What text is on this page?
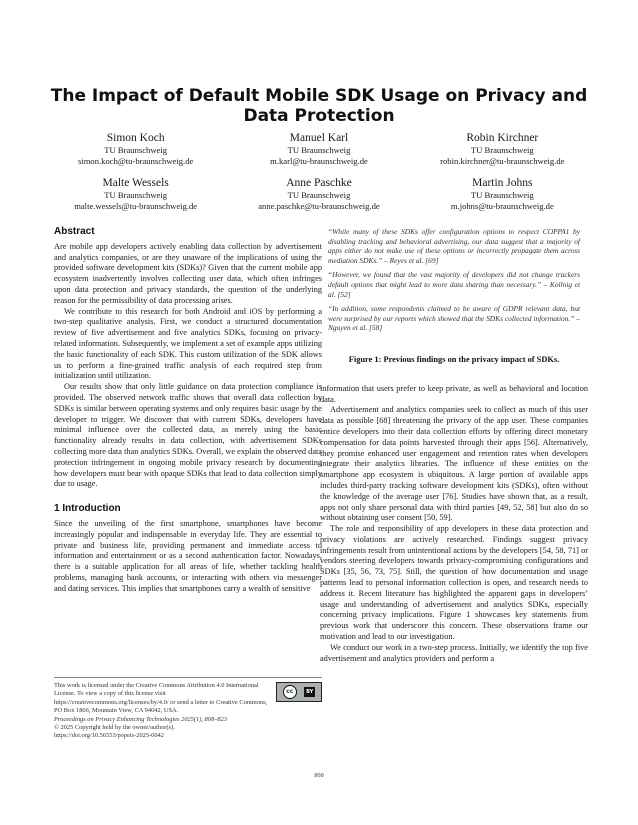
The Impact of Default Mobile SDK Usage on Privacy and Data Protection
Simon Koch
TU Braunschweig
simon.koch@tu-braunschweig.de
Manuel Karl
TU Braunschweig
m.karl@tu-braunschweig.de
Robin Kirchner
TU Braunschweig
robin.kirchner@tu-braunschweig.de
Malte Wessels
TU Braunschweig
malte.wessels@tu-braunschweig.de
Anne Paschke
TU Braunschweig
anne.paschke@tu-braunschweig.de
Martin Johns
TU Braunschweig
m.johns@tu-braunschweig.de
Abstract

Are mobile app developers actively enabling data collection by advertisement and analytics companies, or are they unaware of the implications of using the provided software development kits (SDKs)? Given that the current mobile app ecosystem inadvertently involves collecting user data, which often infringes upon data protection and privacy standards, the question of the underlying reason for the permissibility of data processing arises.

We contribute to this research for both Android and iOS by performing a two-step qualitative analysis. First, we conduct a structured documentation review of five advertisement and five analytics SDKs, focusing on privacy-related information. Subsequently, we implement a set of example apps utilizing the basic functionality of each SDK. This custom utilization of the SDK allows us to perform a fine-grained traffic analysis of each required step from initialization until utilization.

Our results show that only little guidance on data protection compliance is provided. The observed network traffic shows that overall data collection by SDKs is similar between operating systems and only requires basic usage by the developer to trigger. We discover that with current SDKs, developers have minimal influence over the collected data, as merely using the basic functionality already results in data collection, with advertisement SDKs collecting more data than analytics SDKs. Overall, we explain the observed data protection infringement in ongoing mobile privacy research by documenting how developers must bear with opaque SDKs that lead to data collection simply due to usage.

1 Introduction

Since the unveiling of the first smartphone, smartphones have become increasingly popular and indispensable in everyday life. They are essential to private and business life, providing permanent and immediate access to information and entertainment or as a second authentication factor. Nowadays, there is a suitable application for all areas of life, whether tackling health problems, managing bank accounts, or interacting with others via messenger and dating services. This implies that smartphones carry a wealth of sensitive

“While many of these SDKs offer configuration options to respect COPPA1 by disabling tracking and behavioral advertising, our data suggest that a majority of apps either do not make use of these options or incorrectly propagate them across mediation SDKs.” – Reyes et al. [69]
“However, we found that the vast majority of developers did not change trackers default options that might lead to more data sharing than necessary.” – Kollnig et al. [52]
“In addition, some respondents claimed to be aware of GDPR relevant data, but were surprised by our reports which showed that the SDKs collected information.” – Nguyen et al. [58]
Figure 1: Previous findings on the privacy impact of SDKs.

information that users prefer to keep private, as well as behavioral and location data.

Advertisement and analytics companies seek to collect as much of this user data as possible [68] threatening the privacy of the app user. These companies entice developers into their data collection efforts by offering direct monetary compensation for data points harvested through their apps [56]. Alternatively, they promise enhanced user engagement and retention rates when developers integrate their analytics libraries. The influence of these entities on the smartphone app ecosystem is ubiquitous. A large portion of available apps includes third-party tracking software development kits (SDKs), often without the knowledge of the average user [76]. Studies have shown that, as a result, apps not only share personal data with third parties [49, 52, 58] but also do so without obtaining user consent [50, 59].

The role and responsibility of app developers in these data protection and privacy violations are actively researched. Findings suggest privacy infringements result from unintentional actions by the developers [54, 58, 71] or vendors steering developers towards privacy-compromising configurations and SDKs [35, 56, 73, 75]. Still, the question of how documentation and usage patterns lead to personal information collection is open, and research needs to address it. Recent literature has highlighted the apparent gaps in developers’ usage and understanding of advertisement and analytics SDKs, especially concerning privacy implications. Figure 1 showcases key statements from previous work that underscore this concern. These observations frame our motivation and lead to our investigation.

We conduct our work in a two-step process. Initially, we identify the top five advertisement and analytics providers and perform a

This work is licensed under the Creative Commons Attribution 4.0 International License. To view a copy of this license visit https://creativecommons.org/licenses/by/4.0/ or send a letter to Creative Commons, PO Box 1866, Mountain View, CA 94042, USA.
cc	BY
Proceedings on Privacy Enhancing Technologies 2025(1), 808–823
© 2025 Copyright held by the owner/author(s).
https://doi.org/10.56553/popets-2025-0042
808
